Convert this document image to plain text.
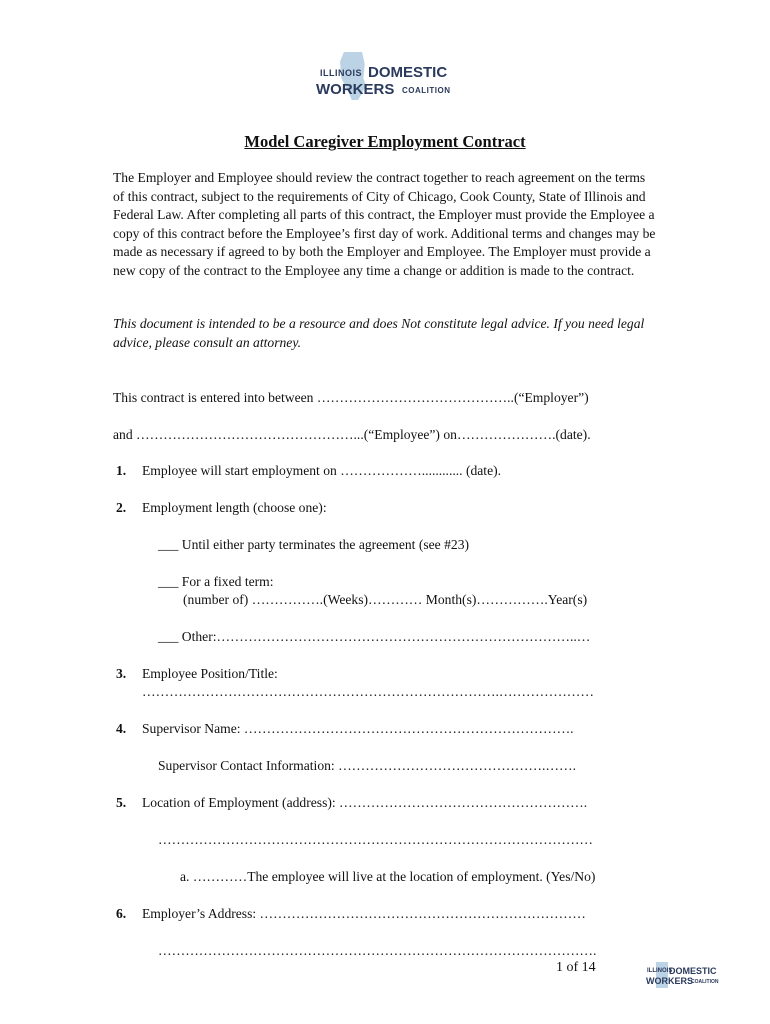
ILLINOIS DOMESTIC
WORKERS COALITION
Model Caregiver Employment Contract

The Employer and Employee should review the contract together to reach agreement on the terms of this contract, subject to the requirements of City of Chicago, Cook County, State of Illinois and Federal Law. After completing all parts of this contract, the Employer must provide the Employee a copy of this contract before the Employee’s first day of work. Additional terms and changes may be made as necessary if agreed to by both the Employer and Employee. The Employer must provide a new copy of the contract to the Employee any time a change or addition is made to the contract.

This document is intended to be a resource and does Not constitute legal advice. If you need legal advice, please consult an attorney.

This contract is entered into between ……………………………………..(“Employer”)
and …………………………………………...(“Employee”) on………………….(date).
1. Employee will start employment on ………………............ (date).
2. Employment length (choose one):
___ Until either party terminates the agreement (see #23)
___ For a fixed term:
(number of) …………….(Weeks)………… Month(s)…………….Year(s)
___ Other:……………………………………………………………………..…
3. Employee Position/Title:
…………………………………………………………………….…………………
4. Supervisor Name: ……………………………………………………………….
Supervisor Contact Information: ……………………………………….…….
5. Location of Employment (address): ……………………………………………….
……………………………………………………………………………………
a. …………The employee will live at the location of employment. (Yes/No)
6. Employer’s Address: ………………………………………………………………
…………………………………………………………………………………….
1 of 14	ILLINOIS
DOMESTIC
WORKERS
COALITION
